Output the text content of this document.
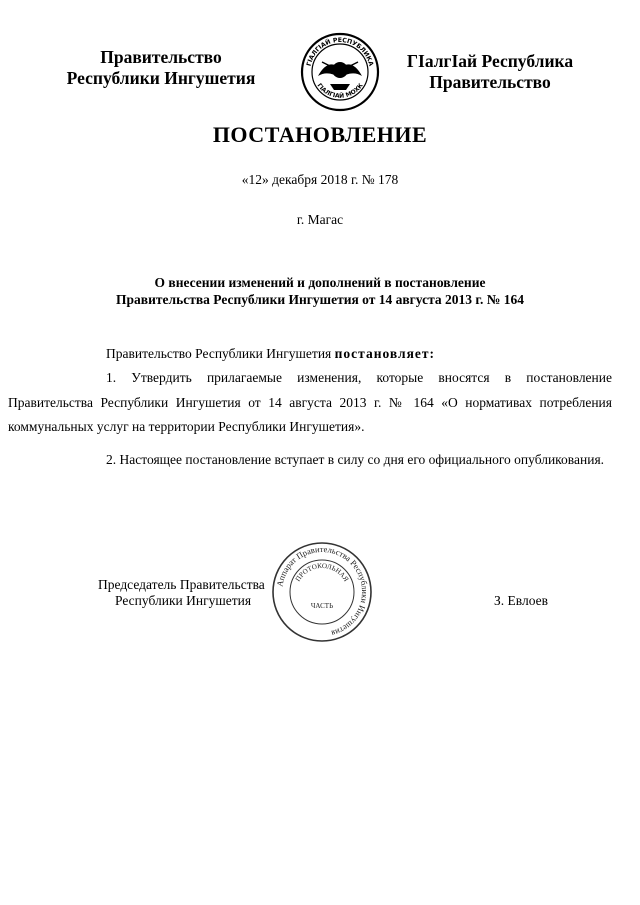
Правительство
Республики Ингушетия
ГIАЛГIАЙ РЕСПУБЛИКА
ГIАЛГIАЙ МОХК
ГIалгIай Республика
Правительство
ПОСТАНОВЛЕНИЕ
«12» декабря 2018 г. № 178
г. Магас
О внесении изменений и дополнений в постановление
Правительства Республики Ингушетия от 14 августа 2013 г. № 164

Правительство Республики Ингушетия постановляет:

1. Утвердить прилагаемые изменения, которые вносятся в постановление Правительства Республики Ингушетия от 14 августа 2013 г. № 164 «О нормативах потребления коммунальных услуг на территории Республики Ингушетия».

2. Настоящее постановление вступает в силу со дня его официального опубликования.

Председатель Правительства
Республики Ингушетия	З. Евлоев
Аппарат Правительства Республики Ингушетия
ПРОТОКОЛЬНАЯ
ЧАСТЬ
